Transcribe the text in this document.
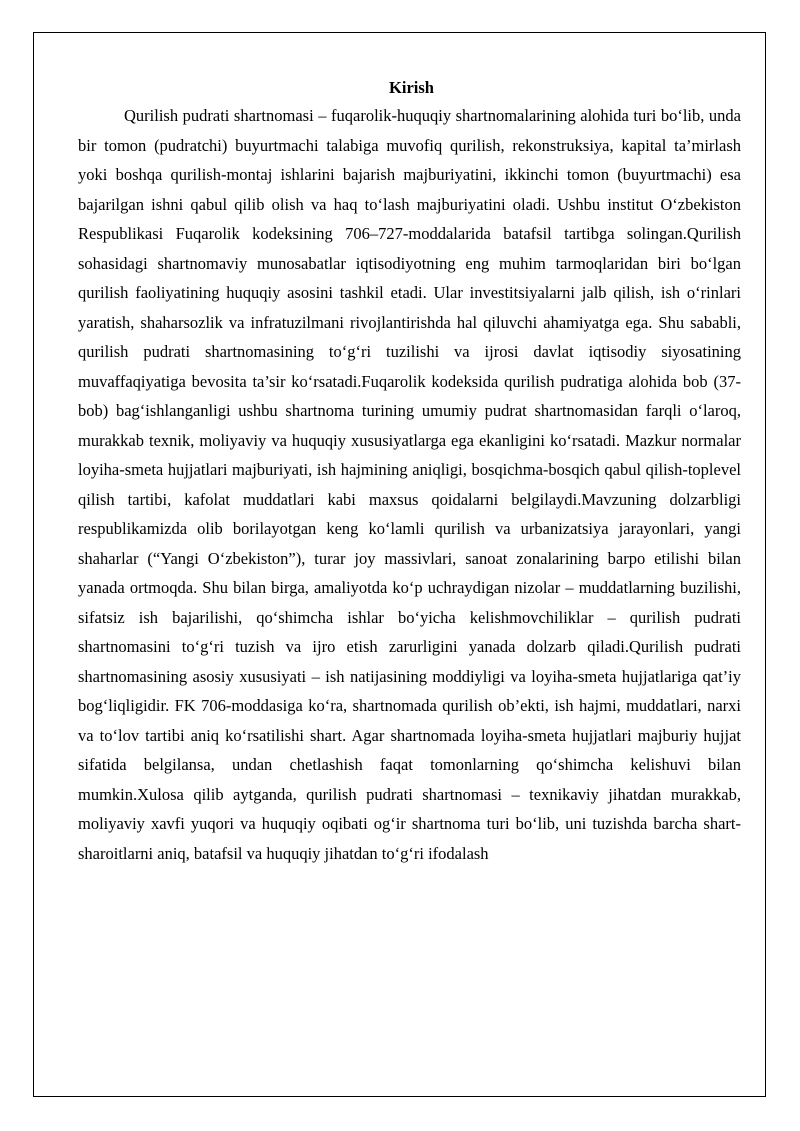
Kirish

Qurilish pudrati shartnomasi – fuqarolik-huquqiy shartnomalarining alohida turi bo‘lib, unda bir tomon (pudratchi) buyurtmachi talabiga muvofiq qurilish, rekonstruksiya, kapital ta’mirlash yoki boshqa qurilish-montaj ishlarini bajarish majburiyatini, ikkinchi tomon (buyurtmachi) esa bajarilgan ishni qabul qilib olish va haq to‘lash majburiyatini oladi. Ushbu institut O‘zbekiston Respublikasi Fuqarolik kodeksining 706–727-moddalarida batafsil tartibga solingan.Qurilish sohasidagi shartnomaviy munosabatlar iqtisodiyotning eng muhim tarmoqlaridan biri bo‘lgan qurilish faoliyatining huquqiy asosini tashkil etadi. Ular investitsiyalarni jalb qilish, ish o‘rinlari yaratish, shaharsozlik va infratuzilmani rivojlantirishda hal qiluvchi ahamiyatga ega. Shu sababli, qurilish pudrati shartnomasining to‘g‘ri tuzilishi va ijrosi davlat iqtisodiy siyosatining muvaffaqiyatiga bevosita ta’sir ko‘rsatadi.Fuqarolik kodeksida qurilish pudratiga alohida bob (37-bob) bag‘ishlanganligi ushbu shartnoma turining umumiy pudrat shartnomasidan farqli o‘laroq, murakkab texnik, moliyaviy va huquqiy xususiyatlarga ega ekanligini ko‘rsatadi. Mazkur normalar loyiha-smeta hujjatlari majburiyati, ish hajmining aniqligi, bosqichma-bosqich qabul qilish-toplevel qilish tartibi, kafolat muddatlari kabi maxsus qoidalarni belgilaydi.Mavzuning dolzarbligi respublikamizda olib borilayotgan keng ko‘lamli qurilish va urbanizatsiya jarayonlari, yangi shaharlar (“Yangi O‘zbekiston”), turar joy massivlari, sanoat zonalarining barpo etilishi bilan yanada ortmoqda. Shu bilan birga, amaliyotda ko‘p uchraydigan nizolar – muddatlarning buzilishi, sifatsiz ish bajarilishi, qo‘shimcha ishlar bo‘yicha kelishmovchiliklar – qurilish pudrati shartnomasini to‘g‘ri tuzish va ijro etish zarurligini yanada dolzarb qiladi.Qurilish pudrati shartnomasining asosiy xususiyati – ish natijasining moddiyligi va loyiha-smeta hujjatlariga qat’iy bog‘liqligidir. FK 706-moddasiga ko‘ra, shartnomada qurilish ob’ekti, ish hajmi, muddatlari, narxi va to‘lov tartibi aniq ko‘rsatilishi shart. Agar shartnomada loyiha-smeta hujjatlari majburiy hujjat sifatida belgilansa, undan chetlashish faqat tomonlarning qo‘shimcha kelishuvi bilan mumkin.Xulosa qilib aytganda, qurilish pudrati shartnomasi – texnikaviy jihatdan murakkab, moliyaviy xavfi yuqori va huquqiy oqibati og‘ir shartnoma turi bo‘lib, uni tuzishda barcha shart-sharoitlarni aniq, batafsil va huquqiy jihatdan to‘g‘ri ifodalash
